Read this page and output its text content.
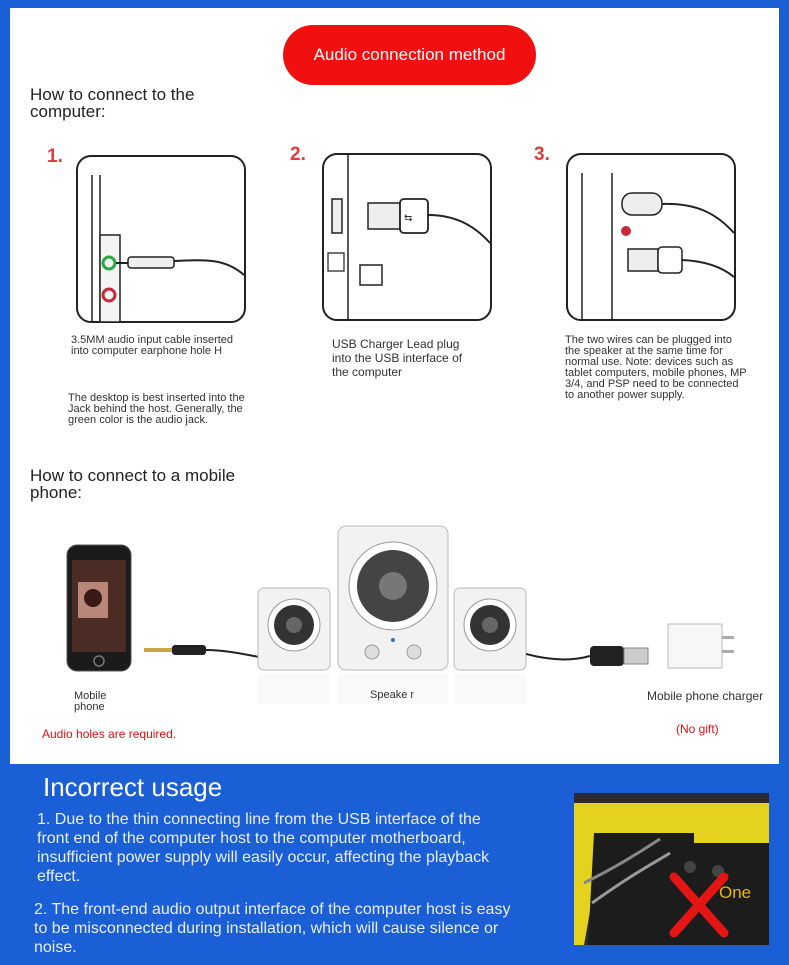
Audio connection method
How to connect to the computer:
1.	2.	3.
⇆
3.5MM audio input cable inserted into computer earphone hole H	USB Charger Lead plug into the USB interface of the computer
The two wires can be plugged into the speaker at the same time for normal use. Note: devices such as tablet computers, mobile phones, MP 3/4, and PSP need to be connected to another power supply.
The desktop is best inserted into the Jack behind the host. Generally, the green color is the audio jack.
How to connect to a mobile phone:
Mobile phone
Speake r	Mobile phone charger
Audio holes are required.	(No gift)
Incorrect usage
1. Due to the thin connecting line from the USB interface of the front end of the computer host to the computer motherboard, insufficient power supply will easily occur, affecting the playback effect.
2. The front-end audio output interface of the computer host is easy to be misconnected during installation, which will cause silence or noise.
One
